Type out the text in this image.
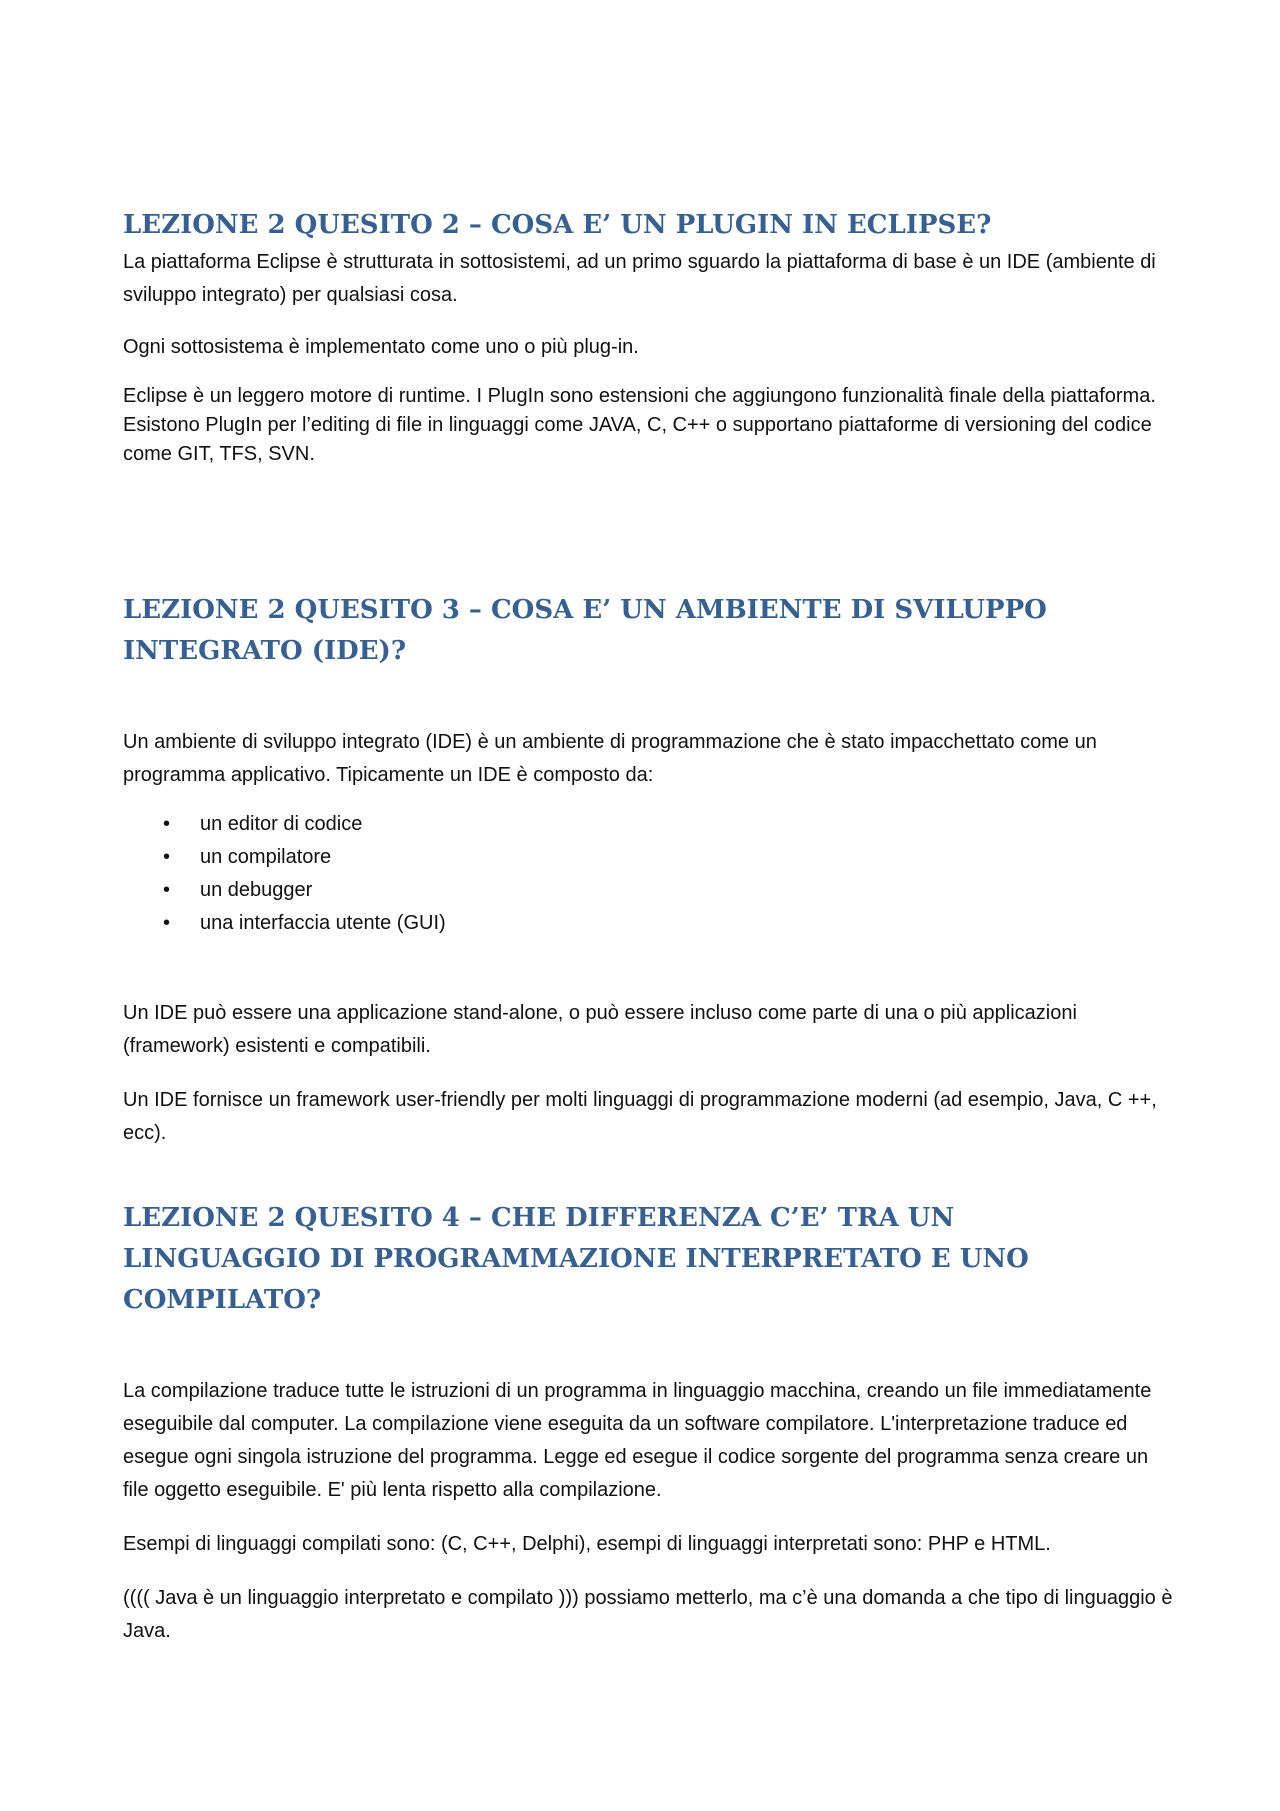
LEZIONE 2 QUESITO 2 – COSA E’ UN PLUGIN IN ECLIPSE?

La piattaforma Eclipse è strutturata in sottosistemi, ad un primo sguardo la piattaforma di base è un IDE (ambiente di sviluppo integrato) per qualsiasi cosa.

Ogni sottosistema è implementato come uno o più plug-in.

Eclipse è un leggero motore di runtime. I PlugIn sono estensioni che aggiungono funzionalità finale della piattaforma. Esistono PlugIn per l’editing di file in linguaggi come JAVA, C, C++ o supportano piattaforme di versioning del codice come GIT, TFS, SVN.

LEZIONE 2 QUESITO 3 – COSA E’ UN AMBIENTE DI SVILUPPO INTEGRATO (IDE)?

Un ambiente di sviluppo integrato (IDE) è un ambiente di programmazione che è stato impacchettato come un programma applicativo. Tipicamente un IDE è composto da:

• un editor di codice
• un compilatore
• un debugger
• una interfaccia utente (GUI)

Un IDE può essere una applicazione stand-alone, o può essere incluso come parte di una o più applicazioni (framework) esistenti e compatibili.

Un IDE fornisce un framework user-friendly per molti linguaggi di programmazione moderni (ad esempio, Java, C ++, ecc).

LEZIONE 2 QUESITO 4 – CHE DIFFERENZA C’E’ TRA UN LINGUAGGIO DI PROGRAMMAZIONE INTERPRETATO E UNO COMPILATO?

La compilazione traduce tutte le istruzioni di un programma in linguaggio macchina, creando un file immediatamente eseguibile dal computer. La compilazione viene eseguita da un software compilatore. L'interpretazione traduce ed esegue ogni singola istruzione del programma. Legge ed esegue il codice sorgente del programma senza creare un file oggetto eseguibile. E' più lenta rispetto alla compilazione.

Esempi di linguaggi compilati sono: (C, C++, Delphi), esempi di linguaggi interpretati sono: PHP e HTML.

(((( Java è un linguaggio interpretato e compilato ))) possiamo metterlo, ma c’è una domanda a che tipo di linguaggio è Java.
